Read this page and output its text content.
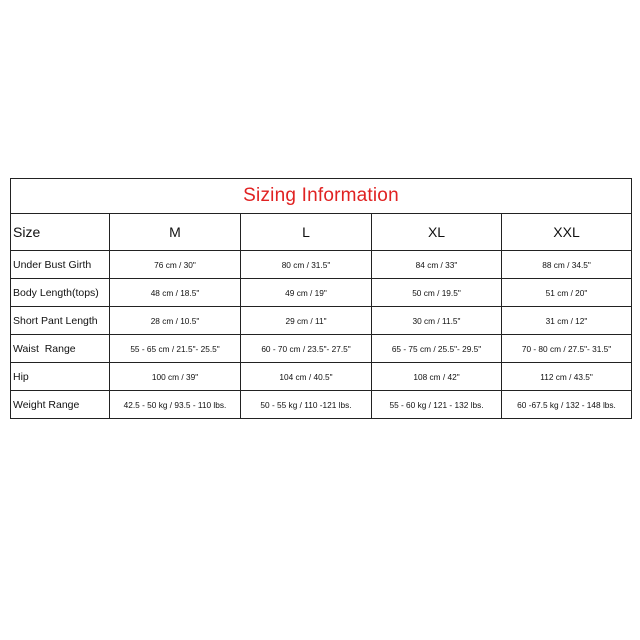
Sizing Information				
Size	M	L	XL	XXL
Under Bust Girth	76 cm / 30"	80 cm / 31.5"	84 cm / 33"	88 cm / 34.5"
Body Length(tops)	48 cm / 18.5"	49 cm / 19"	50 cm / 19.5"	51 cm / 20"
Short Pant Length	28 cm / 10.5"	29 cm / 11"	30 cm / 11.5"	31 cm / 12"
Waist  Range	55 - 65 cm / 21.5"- 25.5"	60 - 70 cm / 23.5"- 27.5"	65 - 75 cm / 25.5"- 29.5"	70 - 80 cm / 27.5"- 31.5"
Hip	100 cm / 39"	104 cm / 40.5"	108 cm / 42"	112 cm / 43.5"
Weight Range	42.5 - 50 kg / 93.5 - 110 lbs.	50 - 55 kg / 110 -121 lbs.	55 - 60 kg / 121 - 132 lbs.	60 -67.5 kg / 132 - 148 lbs.
